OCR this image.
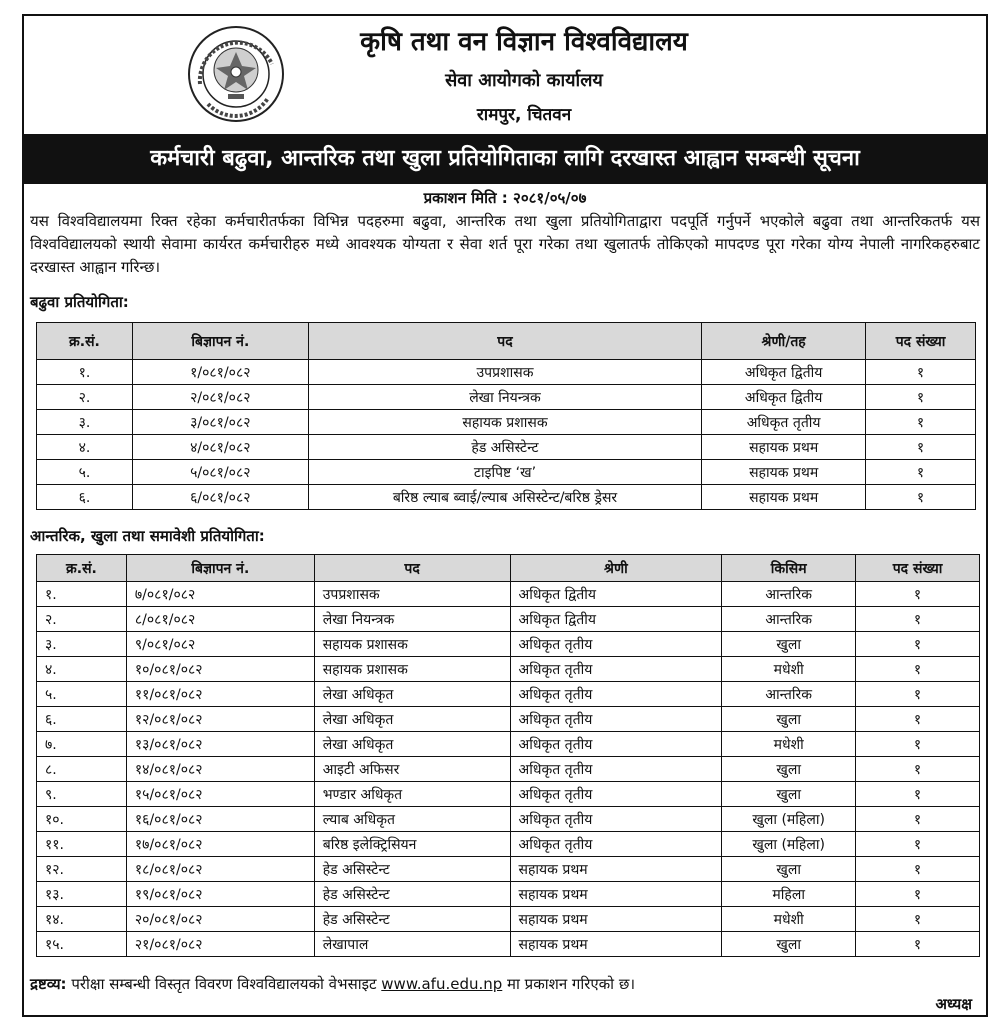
कृषि तथा वन विज्ञान विश्वविद्यालय
सेवा आयोगको कार्यालय
रामपुर, चितवन
कर्मचारी बढुवा, आन्तरिक तथा खुला प्रतियोगिताका लागि दरखास्त आह्वान सम्बन्धी सूचना
प्रकाशन मिति : २०८१/०५/०७
यस विश्वविद्यालयमा रिक्त रहेका कर्मचारीतर्फका विभिन्न पदहरुमा बढुवा, आन्तरिक तथा खुला प्रतियोगिताद्वारा पदपूर्ति गर्नुपर्ने भएकोले बढुवा तथा आन्तरिकतर्फ यस विश्वविद्यालयको स्थायी सेवामा कार्यरत कर्मचारीहरु मध्ये आवश्यक योग्यता र सेवा शर्त पूरा गरेका तथा खुलातर्फ तोकिएको मापदण्ड पूरा गरेका योग्य नेपाली नागरिकहरुबाट दरखास्त आह्वान गरिन्छ।
बढुवा प्रतियोगिता:
क्र.सं.	बिज्ञापन नं.	पद	श्रेणी/तह	पद संख्या
१.	१/०८१/०८२	उपप्रशासक	अधिकृत द्वितीय	१
२.	२/०८१/०८२	लेखा नियन्त्रक	अधिकृत द्वितीय	१
३.	३/०८१/०८२	सहायक प्रशासक	अधिकृत तृतीय	१
४.	४/०८१/०८२	हेड असिस्टेन्ट	सहायक प्रथम	१
५.	५/०८१/०८२	टाइपिष्ट ‘ख’	सहायक प्रथम	१
६.	६/०८१/०८२	बरिष्ठ ल्याब ब्वाई/ल्याब असिस्टेन्ट/बरिष्ठ ड्रेसर	सहायक प्रथम	१
आन्तरिक, खुला तथा समावेशी प्रतियोगिता:
क्र.सं.	बिज्ञापन नं.	पद	श्रेणी	किसिम	पद संख्या
१.	७/०८१/०८२	उपप्रशासक	अधिकृत द्वितीय	आन्तरिक	१
२.	८/०८१/०८२	लेखा नियन्त्रक	अधिकृत द्वितीय	आन्तरिक	१
३.	९/०८१/०८२	सहायक प्रशासक	अधिकृत तृतीय	खुला	१
४.	१०/०८१/०८२	सहायक प्रशासक	अधिकृत तृतीय	मधेशी	१
५.	११/०८१/०८२	लेखा अधिकृत	अधिकृत तृतीय	आन्तरिक	१
६.	१२/०८१/०८२	लेखा अधिकृत	अधिकृत तृतीय	खुला	१
७.	१३/०८१/०८२	लेखा अधिकृत	अधिकृत तृतीय	मधेशी	१
८.	१४/०८१/०८२	आइटी अफिसर	अधिकृत तृतीय	खुला	१
९.	१५/०८१/०८२	भण्डार अधिकृत	अधिकृत तृतीय	खुला	१
१०.	१६/०८१/०८२	ल्याब अधिकृत	अधिकृत तृतीय	खुला (महिला)	१
११.	१७/०८१/०८२	बरिष्ठ इलेक्ट्रिसियन	अधिकृत तृतीय	खुला (महिला)	१
१२.	१८/०८१/०८२	हेड असिस्टेन्ट	सहायक प्रथम	खुला	१
१३.	१९/०८१/०८२	हेड असिस्टेन्ट	सहायक प्रथम	महिला	१
१४.	२०/०८१/०८२	हेड असिस्टेन्ट	सहायक प्रथम	मधेशी	१
१५.	२१/०८१/०८२	लेखापाल	सहायक प्रथम	खुला	१
द्रष्टव्य: परीक्षा सम्बन्धी विस्तृत विवरण विश्वविद्यालयको वेभसाइट www.afu.edu.np मा प्रकाशन गरिएको छ।
अध्यक्ष
